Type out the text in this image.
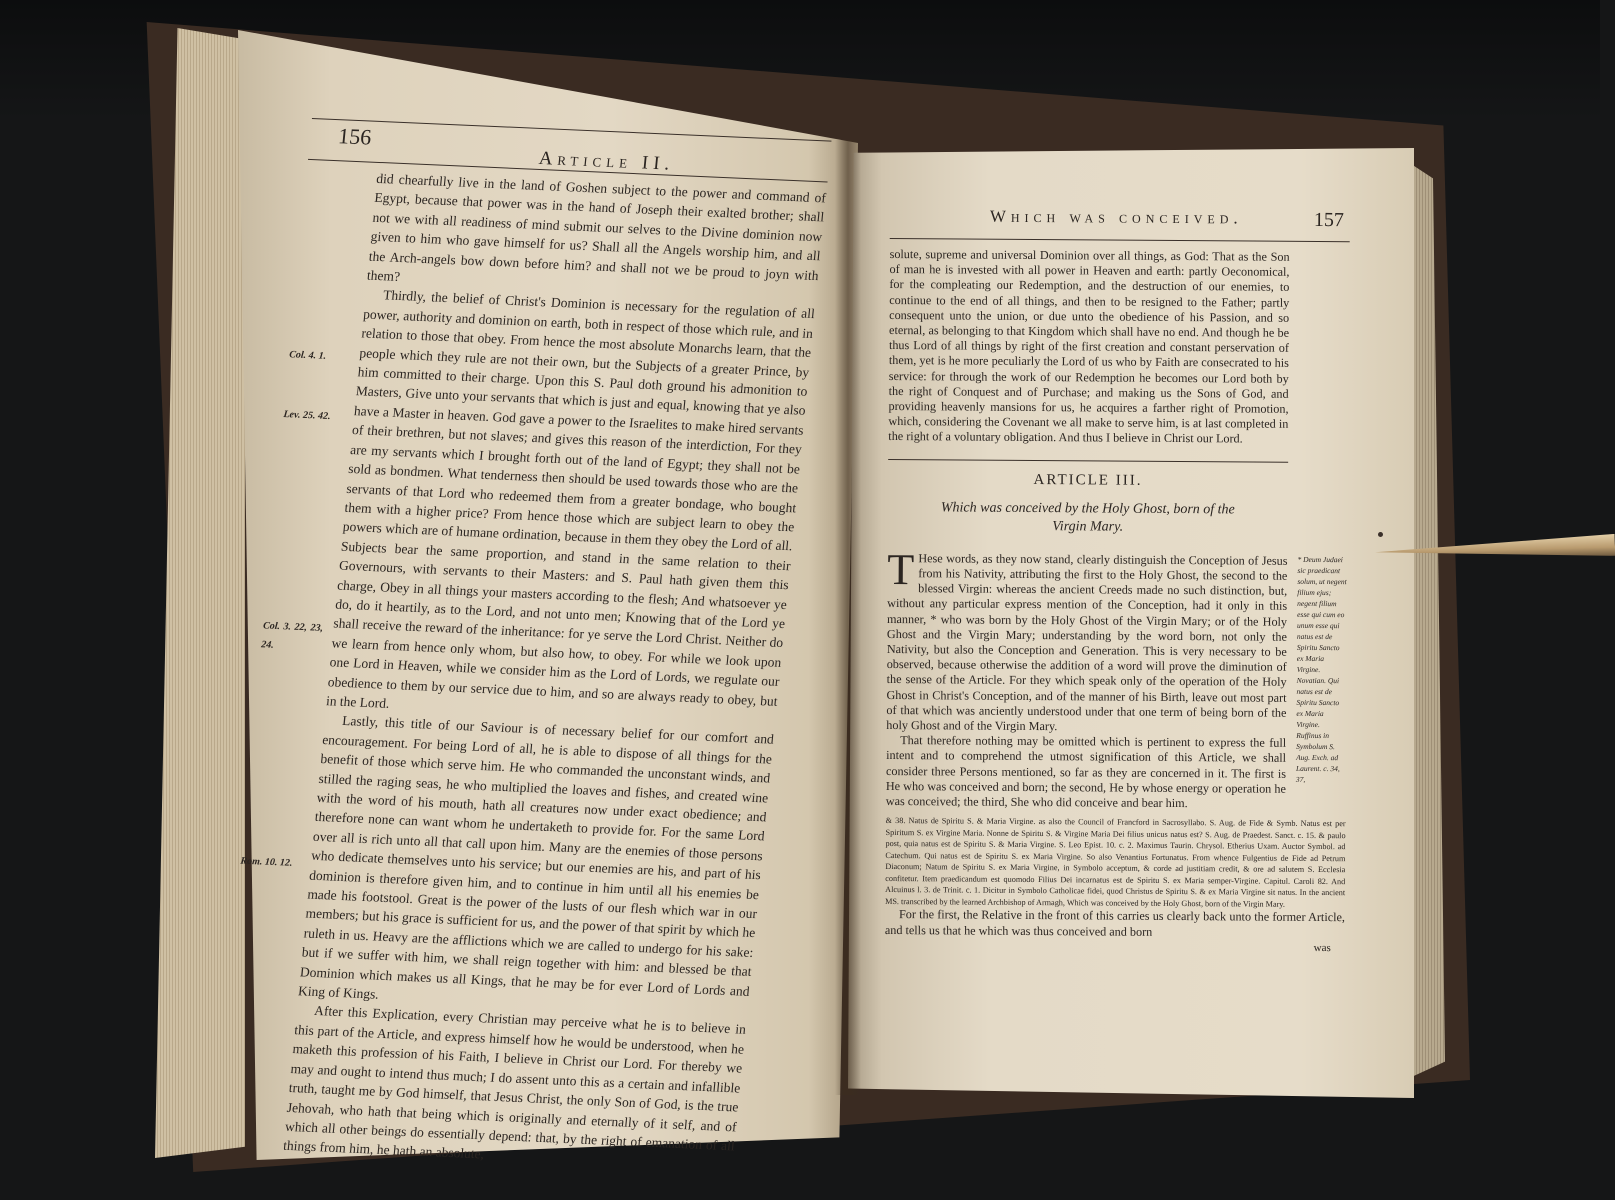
156
Article II.
Col. 4. 1.
Lev. 25. 42.
Col. 3. 22, 23, 24.
Rom. 10. 12.

did chearfully live in the land of Goshen subject to the power and command of Egypt, because that power was in the hand of Joseph their exalted brother; shall not we with all readiness of mind submit our selves to the Divine dominion now given to him who gave himself for us? Shall all the Angels worship him, and all the Arch-angels bow down before him? and shall not we be proud to joyn with them?

Thirdly, the belief of Christ's Dominion is necessary for the regulation of all power, authority and dominion on earth, both in respect of those which rule, and in relation to those that obey. From hence the most absolute Monarchs learn, that the people which they rule are not their own, but the Subjects of a greater Prince, by him committed to their charge. Upon this S. Paul doth ground his admonition to Masters, Give unto your servants that which is just and equal, knowing that ye also have a Master in heaven. God gave a power to the Israelites to make hired servants of their brethren, but not slaves; and gives this reason of the interdiction, For they are my servants which I brought forth out of the land of Egypt; they shall not be sold as bondmen. What tenderness then should be used towards those who are the servants of that Lord who redeemed them from a greater bondage, who bought them with a higher price? From hence those which are subject learn to obey the powers which are of humane ordination, because in them they obey the Lord of all. Subjects bear the same proportion, and stand in the same relation to their Governours, with servants to their Masters: and S. Paul hath given them this charge, Obey in all things your masters according to the flesh; And whatsoever ye do, do it heartily, as to the Lord, and not unto men; Knowing that of the Lord ye shall receive the reward of the inheritance: for ye serve the Lord Christ. Neither do we learn from hence only whom, but also how, to obey. For while we look upon one Lord in Heaven, while we consider him as the Lord of Lords, we regulate our obedience to them by our service due to him, and so are always ready to obey, but in the Lord.

Lastly, this title of our Saviour is of necessary belief for our comfort and encouragement. For being Lord of all, he is able to dispose of all things for the benefit of those which serve him. He who commanded the unconstant winds, and stilled the raging seas, he who multiplied the loaves and fishes, and created wine with the word of his mouth, hath all creatures now under exact obedience; and therefore none can want whom he undertaketh to provide for. For the same Lord over all is rich unto all that call upon him. Many are the enemies of those persons who dedicate themselves unto his service; but our enemies are his, and part of his dominion is therefore given him, and to continue in him until all his enemies be made his footstool. Great is the power of the lusts of our flesh which war in our members; but his grace is sufficient for us, and the power of that spirit by which he ruleth in us. Heavy are the afflictions which we are called to undergo for his sake: but if we suffer with him, we shall reign together with him: and blessed be that Dominion which makes us all Kings, that he may be for ever Lord of Lords and King of Kings.

After this Explication, every Christian may perceive what he is to believe in this part of the Article, and express himself how he would be understood, when he maketh this profession of his Faith, I believe in Christ our Lord. For thereby we may and ought to intend thus much; I do assent unto this as a certain and infallible truth, taught me by God himself, that Jesus Christ, the only Son of God, is the true Jehovah, who hath that being which is originally and eternally of it self, and of which all other beings do essentially depend: that, by the right of emanation of all things from him, he hath an absolute,

Which was conceived.	157

solute, supreme and universal Dominion over all things, as God: That as the Son of man he is invested with all power in Heaven and earth: partly Oeconomical, for the compleating our Redemption, and the destruction of our enemies, to continue to the end of all things, and then to be resigned to the Father; partly consequent unto the union, or due unto the obedience of his Passion, and so eternal, as belonging to that Kingdom which shall have no end. And though he be thus Lord of all things by right of the first creation and constant perservation of them, yet is he more peculiarly the Lord of us who by Faith are consecrated to his service: for through the work of our Redemption he becomes our Lord both by the right of Conquest and of Purchase; and making us the Sons of God, and providing heavenly mansions for us, he acquires a farther right of Promotion, which, considering the Covenant we all make to serve him, is at last completed in the right of a voluntary obligation. And thus I believe in Christ our Lord.

ARTICLE III.
Which was conceived by the Holy Ghost, born of the Virgin Mary.
T Hese words, as they now stand, clearly distinguish the Conception of Jesus from his Nativity, attributing the first to the Holy Ghost, the second to the blessed Virgin: whereas the ancient Creeds made no such distinction, but, without any particular express mention of the Conception, had it only in this manner, * who was born by the Holy Ghost of the Virgin Mary; or of the Holy Ghost and the Virgin Mary; understanding by the word born, not only the Nativity, but also the Conception and Generation. This is very necessary to be observed, because otherwise the addition of a word will prove the diminution of the sense of the Article. For they which speak only of the operation of the Holy Ghost in Christ's Conception, and of the manner of his Birth, leave out most part of that which was anciently understood under that one term of being born of the holy Ghost and of the Virgin Mary.

That therefore nothing may be omitted which is pertinent to express the full intent and to comprehend the utmost signification of this Article, we shall consider three Persons mentioned, so far as they are concerned in it. The first is He who was conceived and born; the second, He by whose energy or operation he was conceived; the third, She who did conceive and bear him.

* Deum Judaei sic praedicant solum, ut negent filium ejus; negent filium esse qui cum eo unum esse qui natus est de Spiritu Sancto ex Maria Virgine. Novatian. Qui natus est de Spiritu Sancto ex Maria Virgine. Ruffinus in Symbolum S. Aug. Exch. ad Laurent. c. 34, 37,
& 38. Natus de Spiritu S. & Maria Virgine. as also the Council of Francford in Sacrosyllabo. S. Aug. de Fide & Symb. Natus est per Spiritum S. ex Virgine Maria. Nonne de Spiritu S. & Virgine Maria Dei filius unicus natus est? S. Aug. de Praedest. Sanct. c. 15. & paulo post, quia natus est de Spiritu S. & Maria Virgine. S. Leo Epist. 10. c. 2. Maximus Taurin. Chrysol. Etherius Uxam. Auctor Symbol. ad Catechum. Qui natus est de Spiritu S. ex Maria Virgine. So also Venantius Fortunatus. From whence Fulgentius de Fide ad Petrum Diaconum; Natum de Spiritu S. ex Maria Virgine, in Symbolo acceptum, & corde ad justitiam credit, & ore ad salutem S. Ecclesia confitetur. Item praedicandum est quomodo Filius Dei incarnatus est de Spiritu S. ex Maria semper-Virgine. Capitul. Caroli 82. And Alcuinus l. 3. de Trinit. c. 1. Dicitur in Symbolo Catholicae fidei, quod Christus de Spiritu S. & ex Maria Virgine sit natus. In the ancient MS. transcribed by the learned Archbishop of Armagh, Which was conceived by the Holy Ghost, born of the Virgin Mary.

For the first, the Relative in the front of this carries us clearly back unto the former Article, and tells us that he which was thus conceived and born

was
